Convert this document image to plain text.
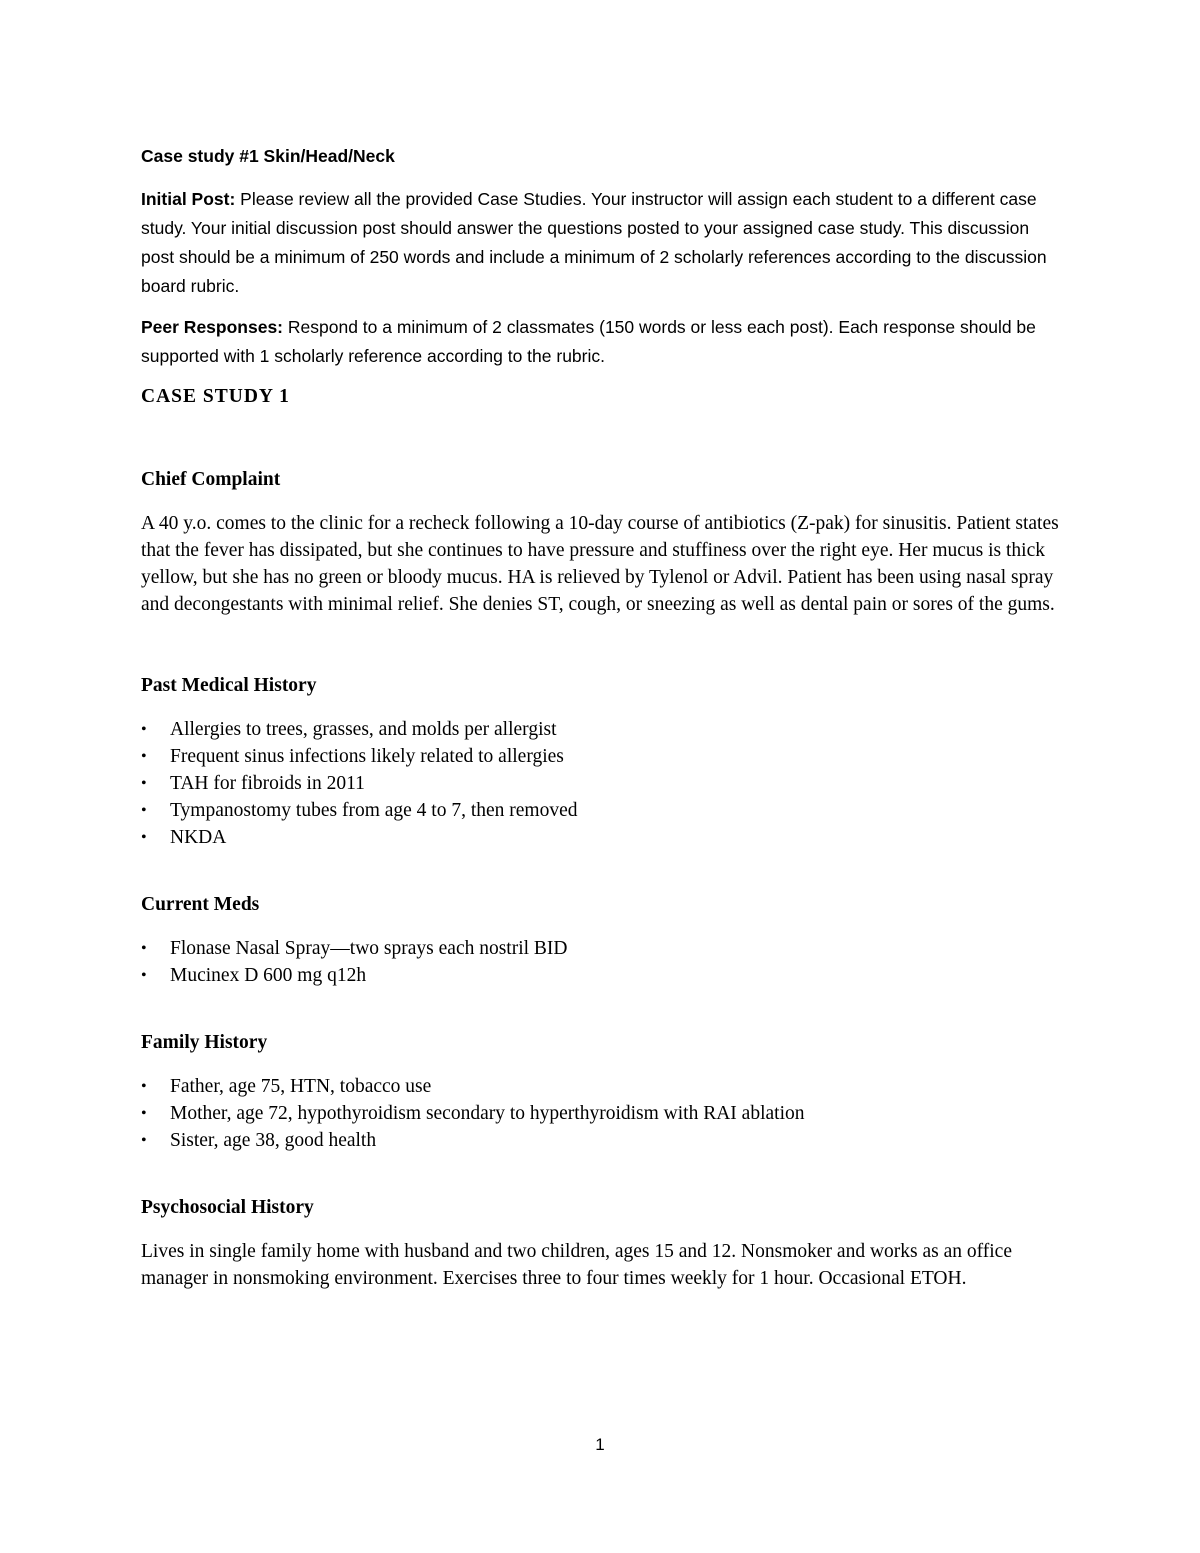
Case study #1 Skin/Head/Neck

Initial Post: Please review all the provided Case Studies. Your instructor will assign each student to a different case study. Your initial discussion post should answer the questions posted to your assigned case study. This discussion post should be a minimum of 250 words and include a minimum of 2 scholarly references according to the discussion board rubric.

Peer Responses: Respond to a minimum of 2 classmates (150 words or less each post). Each response should be supported with 1 scholarly reference according to the rubric.

CASE STUDY 1
Chief Complaint

A 40 y.o. comes to the clinic for a recheck following a 10-day course of antibiotics (Z-pak) for sinusitis. Patient states that the fever has dissipated, but she continues to have pressure and stuffiness over the right eye. Her mucus is thick yellow, but she has no green or bloody mucus. HA is relieved by Tylenol or Advil. Patient has been using nasal spray and decongestants with minimal relief. She denies ST, cough, or sneezing as well as dental pain or sores of the gums.

Past Medical History
• Allergies to trees, grasses, and molds per allergist
• Frequent sinus infections likely related to allergies
• TAH for fibroids in 2011
• Tympanostomy tubes from age 4 to 7, then removed
• NKDA
Current Meds
• Flonase Nasal Spray—two sprays each nostril BID
• Mucinex D 600 mg q12h
Family History
• Father, age 75, HTN, tobacco use
• Mother, age 72, hypothyroidism secondary to hyperthyroidism with RAI ablation
• Sister, age 38, good health
Psychosocial History

Lives in single family home with husband and two children, ages 15 and 12. Nonsmoker and works as an office manager in nonsmoking environment. Exercises three to four times weekly for 1 hour. Occasional ETOH.

1
